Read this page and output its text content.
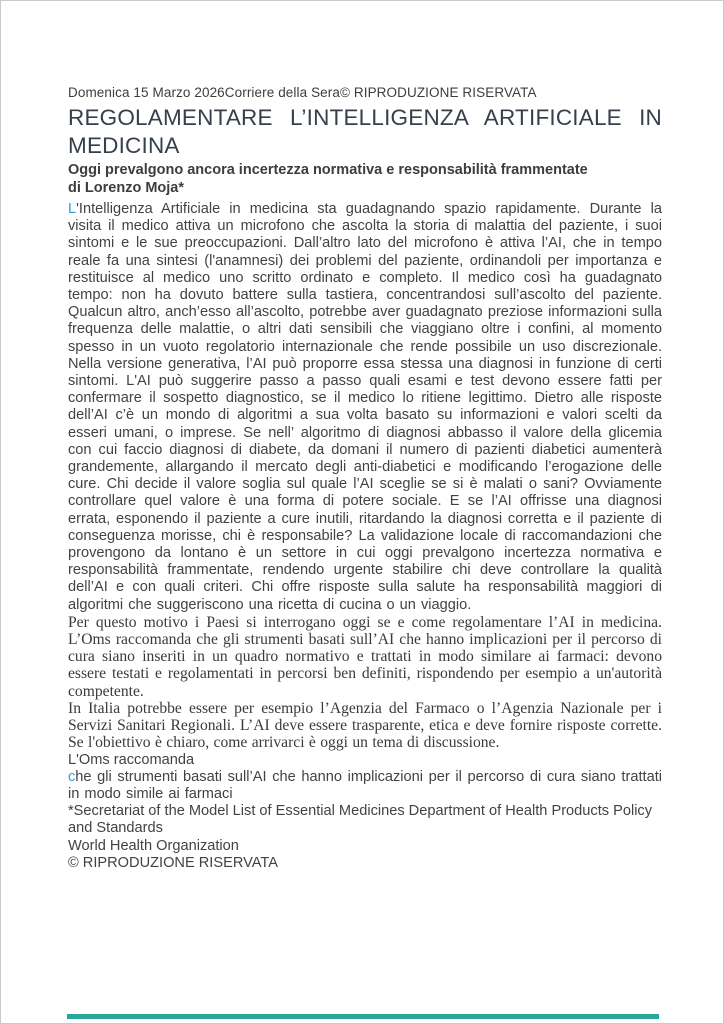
Domenica 15 Marzo 2026Corriere della Sera© RIPRODUZIONE RISERVATA
REGOLAMENTARE L’INTELLIGENZA ARTIFICIALE IN MEDICINA
Oggi prevalgono ancora incertezza normativa e responsabilità frammentate
di Lorenzo Moja*

L'Intelligenza Artificiale in medicina sta guadagnando spazio rapidamente. Durante la visita il medico attiva un microfono che ascolta la storia di malattia del paziente, i suoi sintomi e le sue preoccupazioni. Dall’altro lato del microfono è attiva l’AI, che in tempo reale fa una sintesi (l'anamnesi) dei problemi del paziente, ordinandoli per importanza e restituisce al medico uno scritto ordinato e completo. Il medico così ha guadagnato tempo: non ha dovuto battere sulla tastiera, concentrandosi sull’ascolto del paziente. Qualcun altro, anch’esso all’ascolto, potrebbe aver guadagnato preziose informazioni sulla frequenza delle malattie, o altri dati sensibili che viaggiano oltre i confini, al momento spesso in un vuoto regolatorio internazionale che rende possibile un uso discrezionale. Nella versione generativa, l’AI può proporre essa stessa una diagnosi in funzione di certi sintomi. L'AI può suggerire passo a passo quali esami e test devono essere fatti per confermare il sospetto diagnostico, se il medico lo ritiene legittimo. Dietro alle risposte dell’AI c’è un mondo di algoritmi a sua volta basato su informazioni e valori scelti da esseri umani, o imprese. Se nell’ algoritmo di diagnosi abbasso il valore della glicemia con cui faccio diagnosi di diabete, da domani il numero di pazienti diabetici aumenterà grandemente, allargando il mercato degli anti-diabetici e modificando l’erogazione delle cure. Chi decide il valore soglia sul quale l’AI sceglie se si è malati o sani? Ovviamente controllare quel valore è una forma di potere sociale. E se l’AI offrisse una diagnosi errata, esponendo il paziente a cure inutili, ritardando la diagnosi corretta e il paziente di conseguenza morisse, chi è responsabile? La validazione locale di raccomandazioni che provengono da lontano è un settore in cui oggi prevalgono incertezza normativa e responsabilità frammentate, rendendo urgente stabilire chi deve controllare la qualità dell’AI e con quali criteri. Chi offre risposte sulla salute ha responsabilità maggiori di algoritmi che suggeriscono una ricetta di cucina o un viaggio.

Per questo motivo i Paesi si interrogano oggi se e come regolamentare l’AI in medicina. L’Oms raccomanda che gli strumenti basati sull’AI che hanno implicazioni per il percorso di cura siano inseriti in un quadro normativo e trattati in modo similare ai farmaci: devono essere testati e regolamentati in percorsi ben definiti, rispondendo per esempio a un'autorità competente.

In Italia potrebbe essere per esempio l’Agenzia del Farmaco o l’Agenzia Nazionale per i Servizi Sanitari Regionali. L’AI deve essere trasparente, etica e deve fornire risposte corrette. Se l'obiettivo è chiaro, come arrivarci è oggi un tema di discussione.

L'Oms raccomanda

che gli strumenti basati sull’AI che hanno implicazioni per il percorso di cura siano trattati in modo simile ai farmaci

*Secretariat of the Model List of Essential Medicines Department of Health Products Policy and Standards
World Health Organization
© RIPRODUZIONE RISERVATA
